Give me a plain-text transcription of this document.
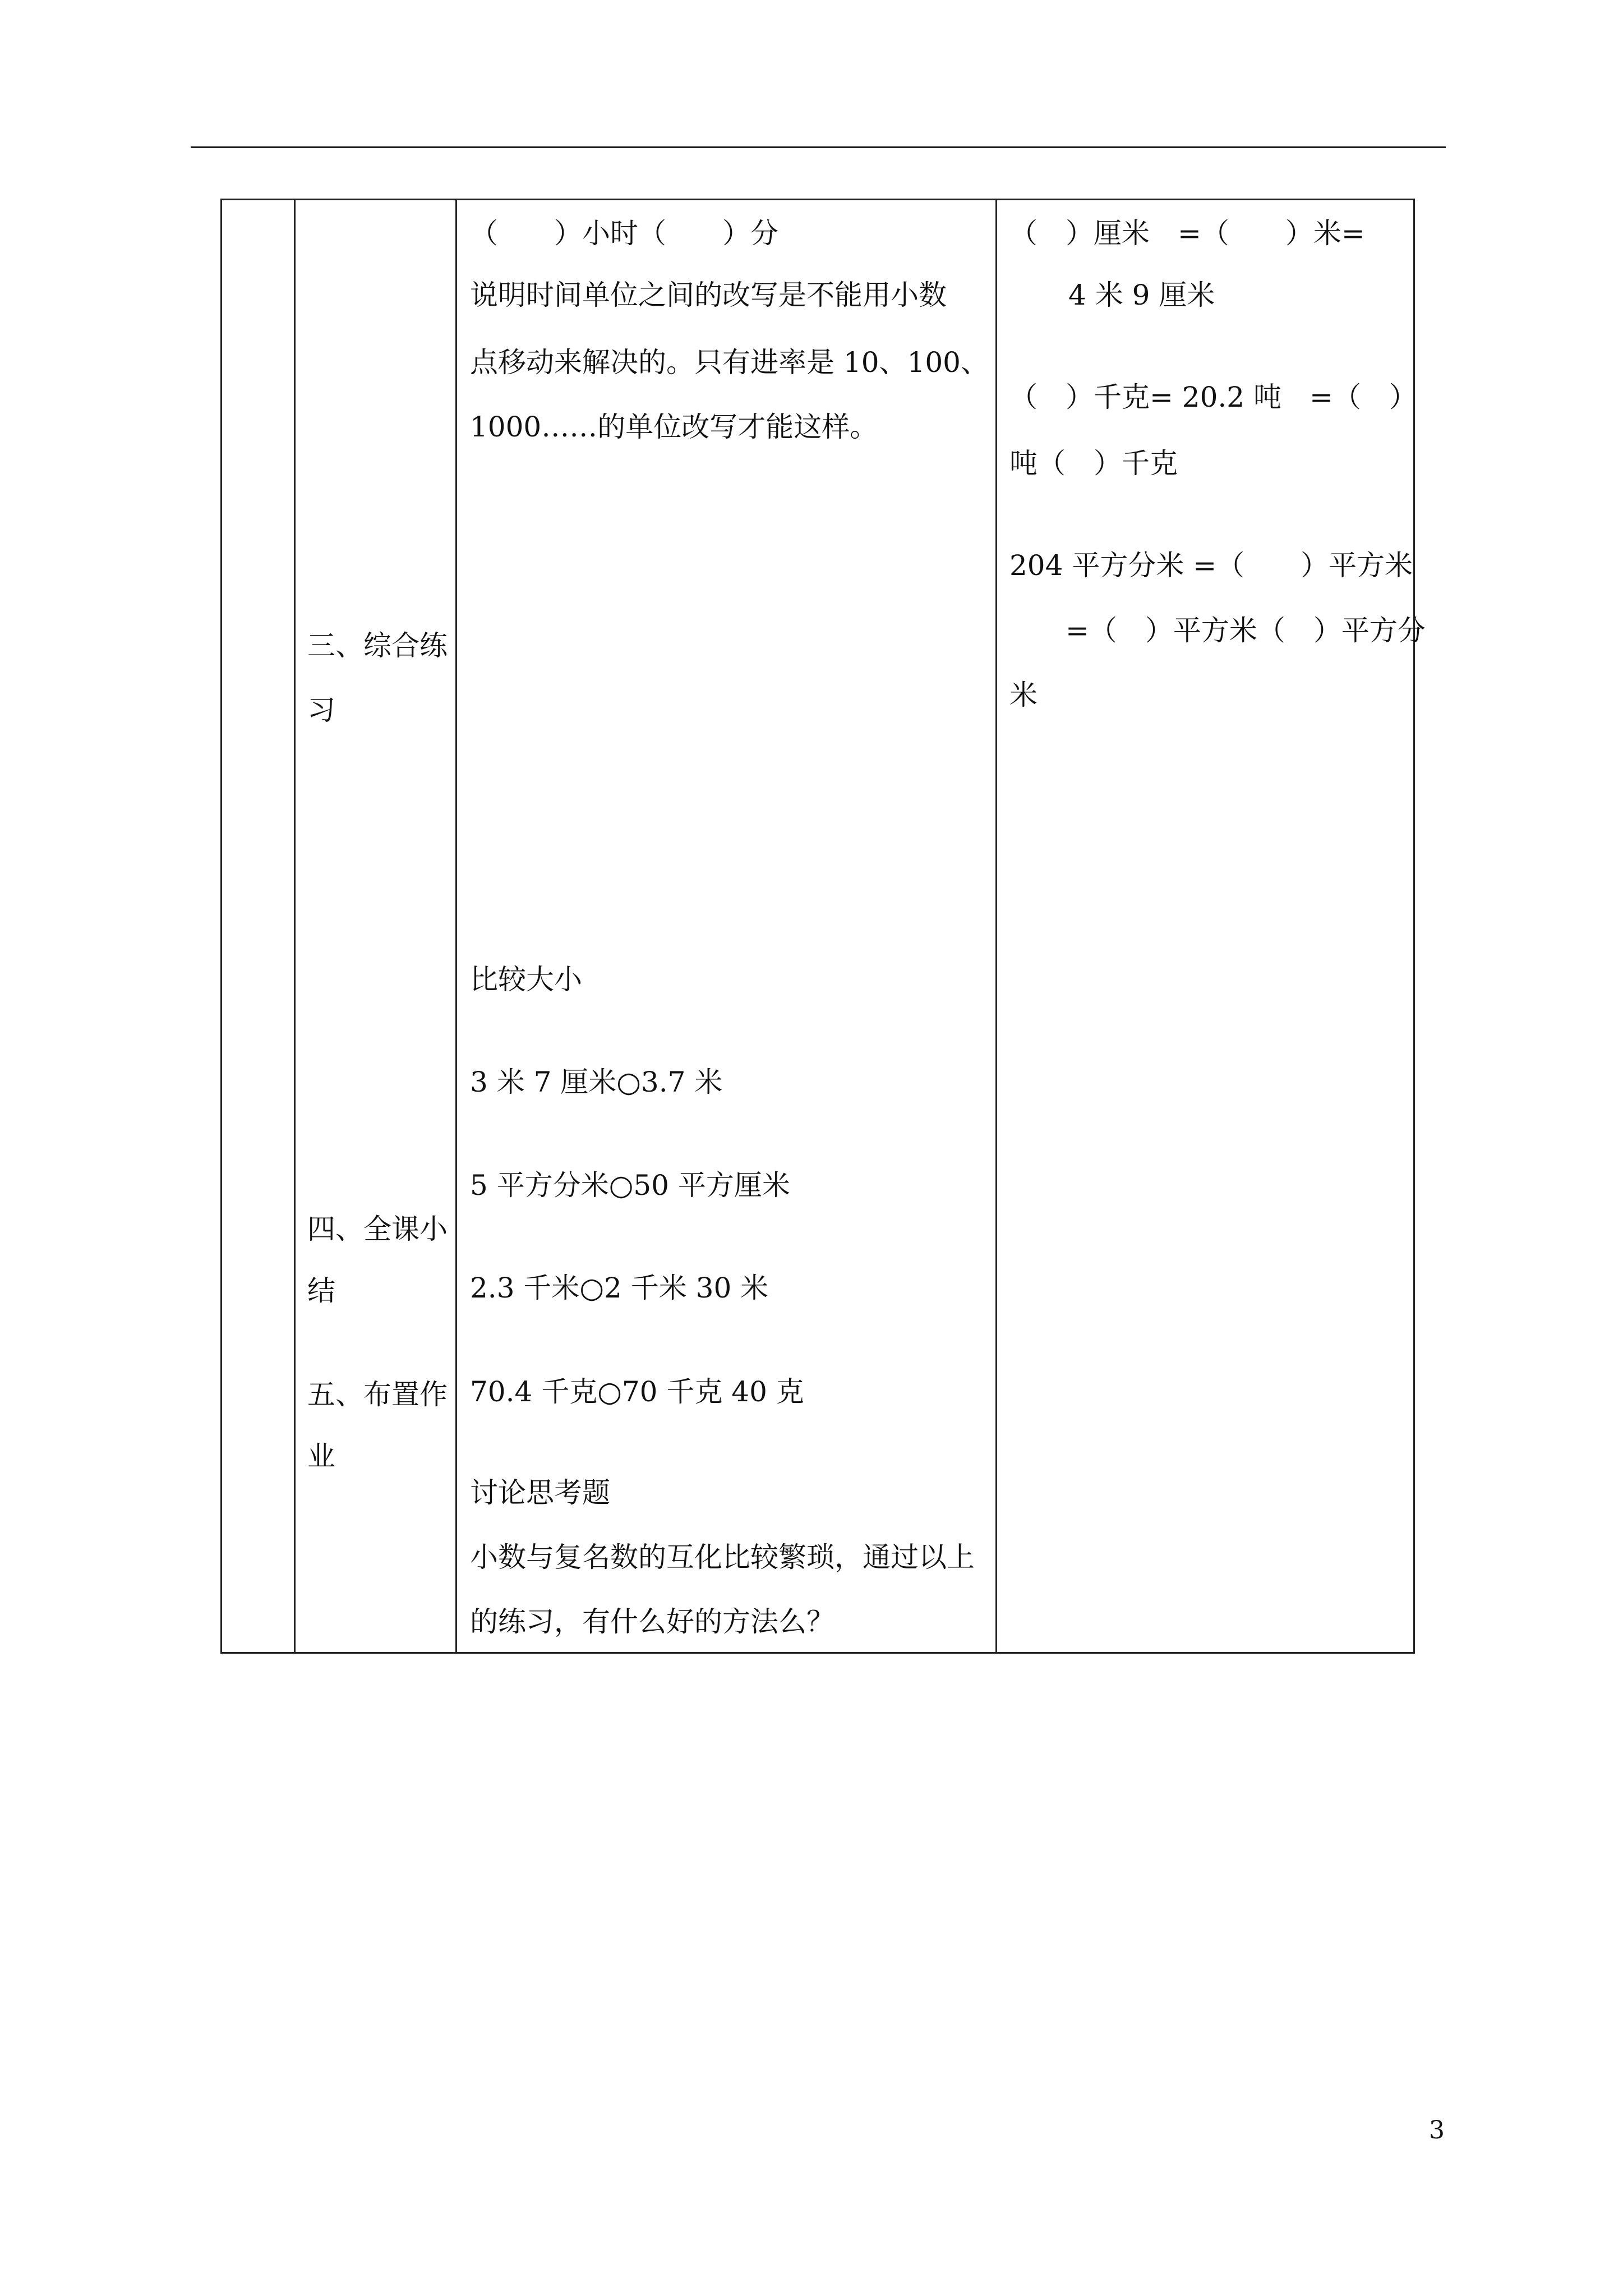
三、综合练
习
四、全课小
结
五、布置作
业
（　　）小时（　　）分
说明时间单位之间的改写是不能用小数
点移动来解决的。只有进率是 10、100、
1000……的单位改写才能这样。
比较大小
3 米 7 厘米○3.7 米
5 平方分米○50 平方厘米
2.3 千米○2 千米 30 米
70.4 千克○70 千克 40 克
讨论思考题
小数与复名数的互化比较繁琐，通过以上
的练习，有什么好的方法么？
（　）厘米　=（　　）米=
4 米 9 厘米
（　）千克= 20.2 吨　=（　）
吨（　）千克
204 平方分米 =（　　）平方米
=（　）平方米（　）平方分
米
3
